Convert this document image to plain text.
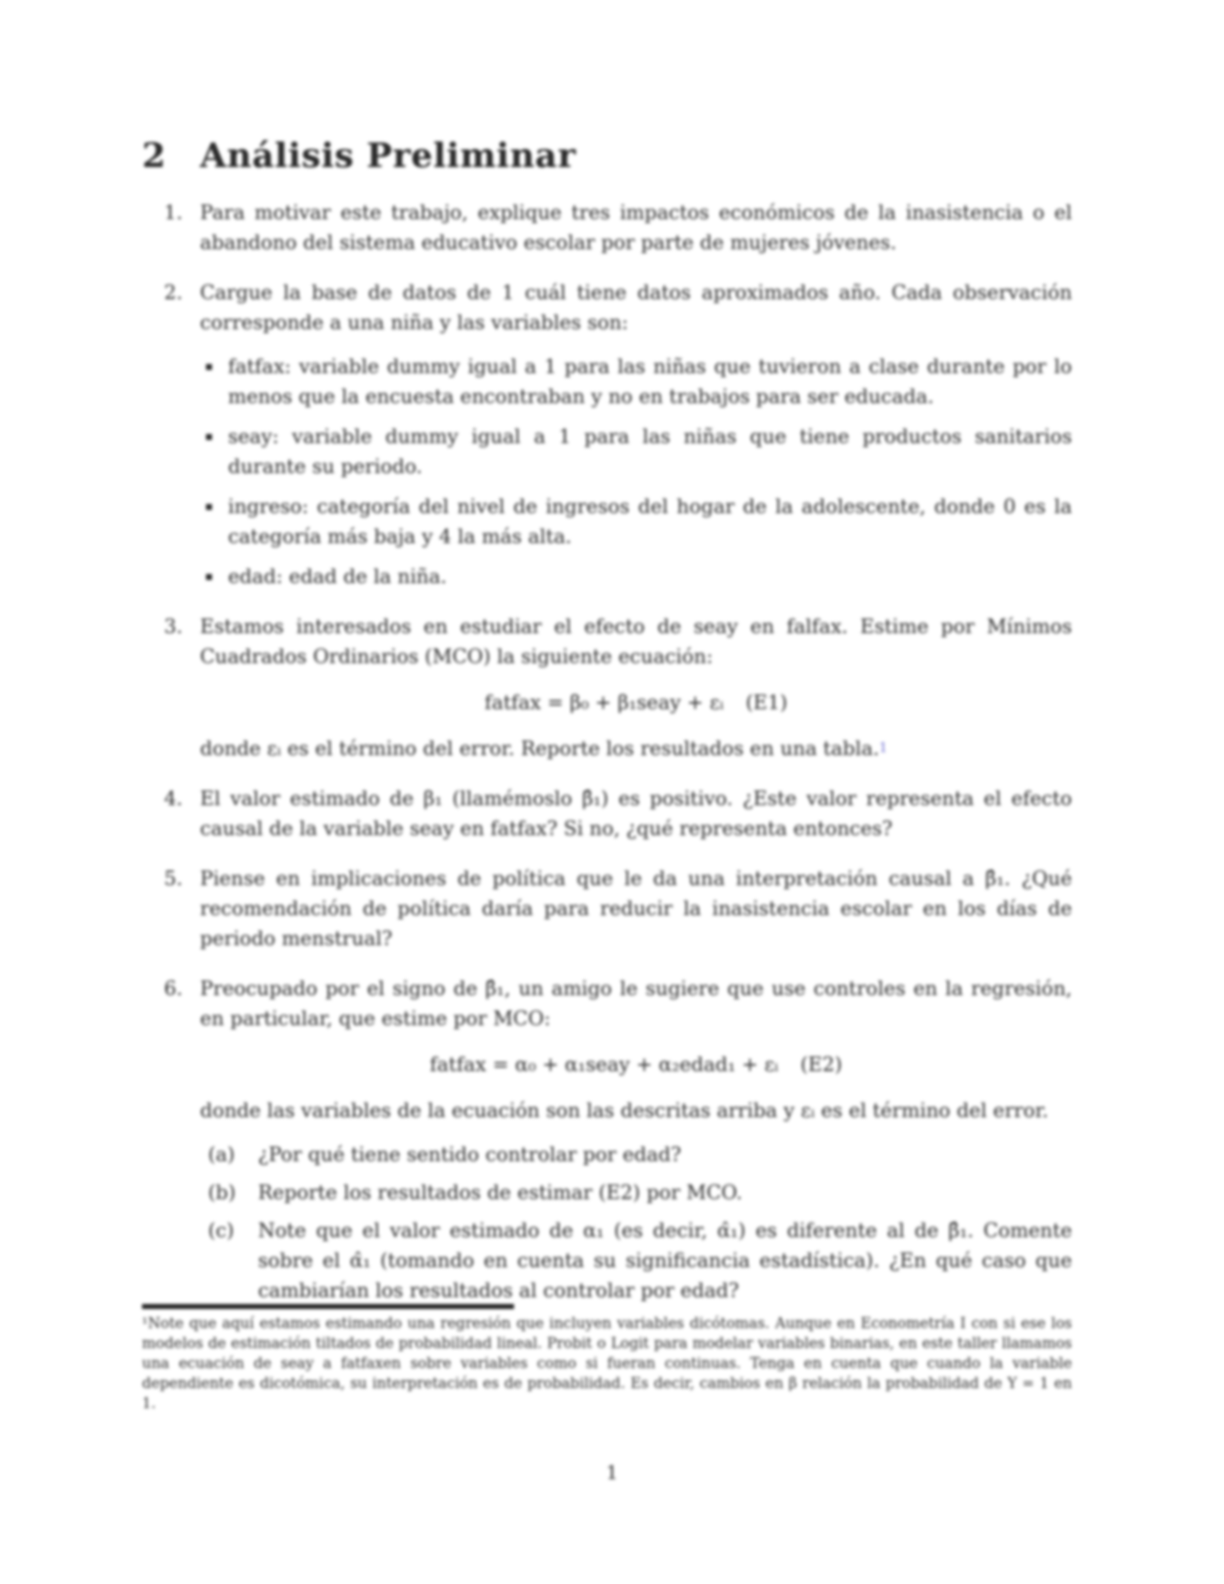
2 Análisis Preliminar
1. Para motivar este trabajo, explique tres impactos económicos de la inasistencia o el abandono del sistema educativo escolar por parte de mujeres jóvenes.

2. Cargue la base de datos de 1 cuál tiene datos aproximados año. Cada observación corresponde a una niña y las variables son:

fatfax: variable dummy igual a 1 para las niñas que tuvieron a clase durante por lo menos que la encuesta encontraban y no en trabajos para ser educada.
seay: variable dummy igual a 1 para las niñas que tiene productos sanitarios durante su periodo.
ingreso: categoría del nivel de ingresos del hogar de la adolescente, donde 0 es la categoría más baja y 4 la más alta.
edad: edad de la niña.
3. Estamos interesados en estudiar el efecto de seay en falfax. Estime por Mínimos Cuadrados Ordinarios (MCO) la siguiente ecuación:

fatfax = β₀ + β₁seay + εᵢ (E1)

donde εᵢ es el término del error. Reporte los resultados en una tabla.$^1$

4. El valor estimado de β₁ (llamémoslo β̂₁) es positivo. ¿Este valor representa el efecto causal de la variable seay en fatfax? Si no, ¿qué representa entonces?

5. Piense en implicaciones de política que le da una interpretación causal a β̂₁. ¿Qué recomendación de política daría para reducir la inasistencia escolar en los días de periodo menstrual?

6. Preocupado por el signo de β̂₁, un amigo le sugiere que use controles en la regresión, en particular, que estime por MCO:

fatfax = α₀ + α₁seay + α₂edad₁ + εᵢ (E2)

donde las variables de la ecuación son las descritas arriba y εᵢ es el término del error.

(a) ¿Por qué tiene sentido controlar por edad?
(b) Reporte los resultados de estimar (E2) por MCO.
(c) Note que el valor estimado de α₁ (es decir, α̂₁) es diferente al de β̂₁. Comente sobre el α̂₁ (tomando en cuenta su significancia estadística). ¿En qué caso que cambiarían los resultados al controlar por edad?

¹Note que aquí estamos estimando una regresión que incluyen variables dicótomas. Aunque en Econometría I con si ese los modelos de estimación tiltados de probabilidad lineal. Probit o Logit para modelar variables binarias, en este taller llamamos una ecuación de seay a fatfaxen sobre variables como si fueran continuas. Tenga en cuenta que cuando la variable dependiente es dicotómica, su interpretación es de probabilidad. Es decir, cambios en β relación la probabilidad de Y = 1 en 1.

1
